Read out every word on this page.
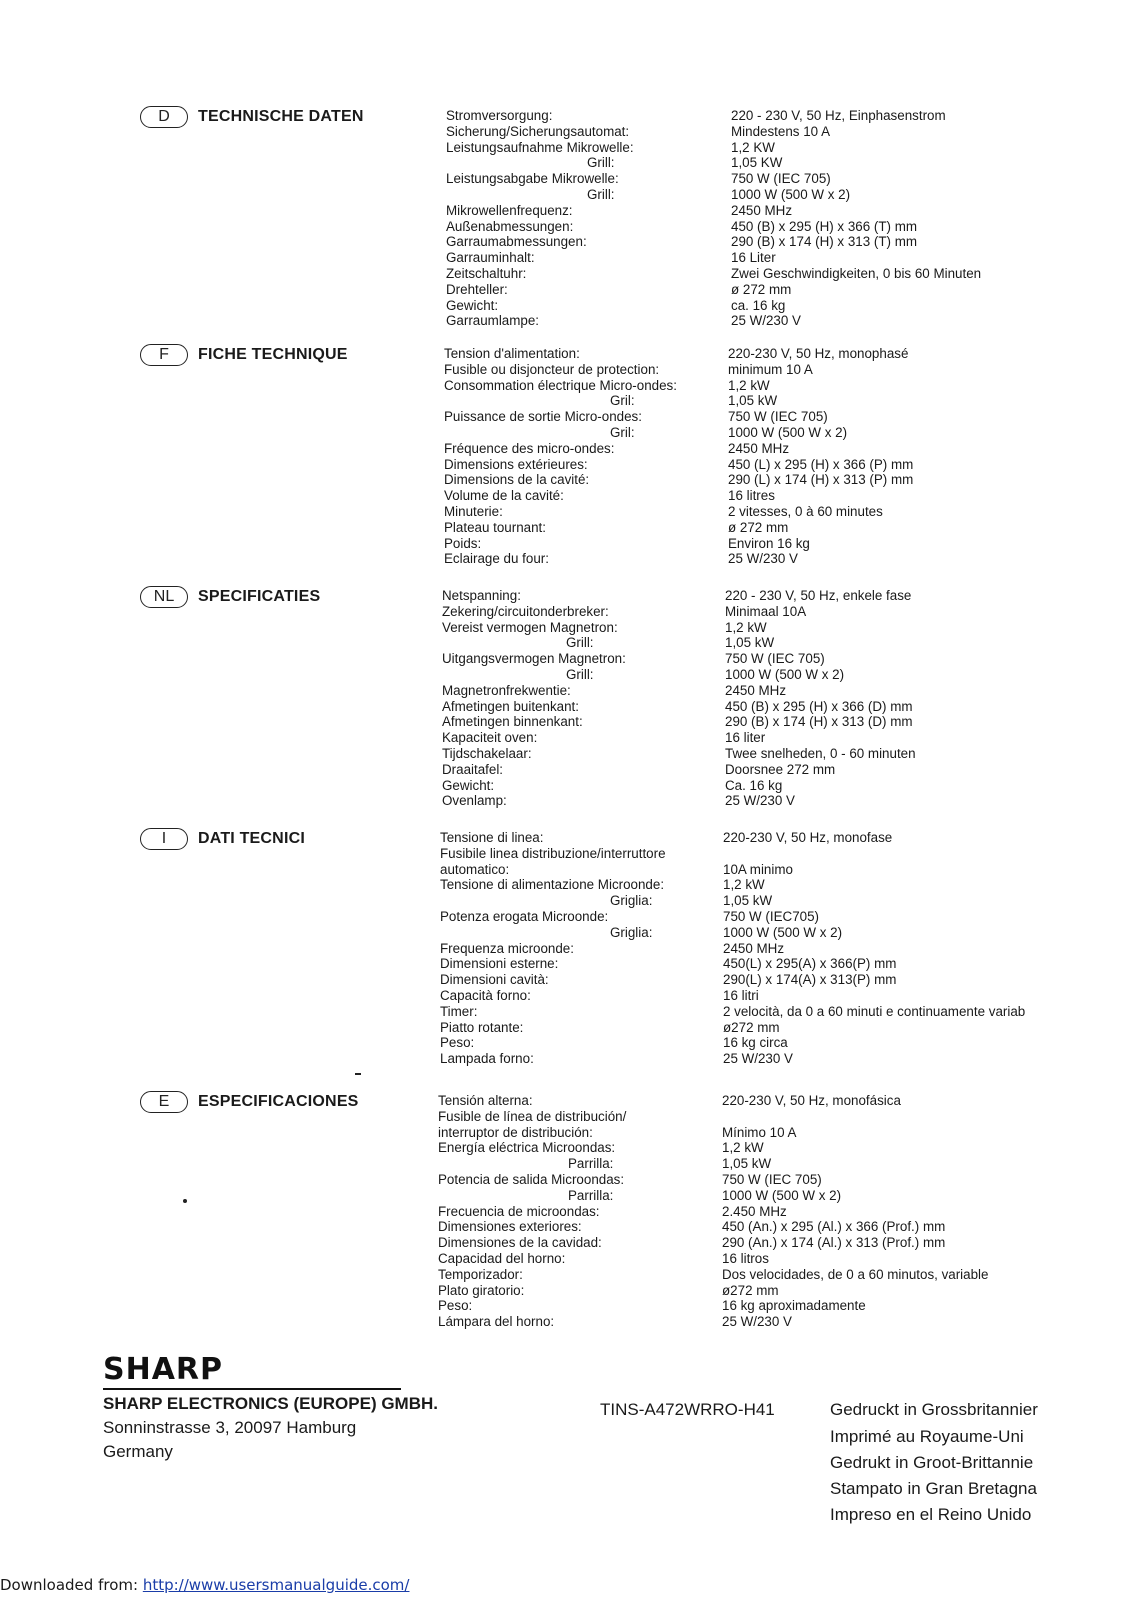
D	TECHNISCHE DATEN	Stromversorgung:	220 - 230 V, 50 Hz, Einphasenstrom
Sicherung/Sicherungsautomat:	Mindestens 10 A
Leistungsaufnahme Mikrowelle:	1,2 KW
Grill:	1,05 KW
Leistungsabgabe Mikrowelle:	750 W (IEC 705)
Grill:	1000 W (500 W x 2)
Mikrowellenfrequenz:	2450 MHz
Außenabmessungen:	450 (B) x 295 (H) x 366 (T) mm
Garraumabmessungen:	290 (B) x 174 (H) x 313 (T) mm
Garrauminhalt:	16 Liter
Zeitschaltuhr:	Zwei Geschwindigkeiten, 0 bis 60 Minuten
Drehteller:	ø 272 mm
Gewicht:	ca. 16 kg
Garraumlampe:	25 W/230 V
F	FICHE TECHNIQUE	Tension d'alimentation:	220-230 V, 50 Hz, monophasé
Fusible ou disjoncteur de protection:	minimum 10 A
Consommation électrique Micro-ondes:	1,2 kW
Gril:	1,05 kW
Puissance de sortie Micro-ondes:	750 W (IEC 705)
Gril:	1000 W (500 W x 2)
Fréquence des micro-ondes:	2450 MHz
Dimensions extérieures:	450 (L) x 295 (H) x 366 (P) mm
Dimensions de la cavité:	290 (L) x 174 (H) x 313 (P) mm
Volume de la cavité:	16 litres
Minuterie:	2 vitesses, 0 à 60 minutes
Plateau tournant:	ø 272 mm
Poids:	Environ 16 kg
Eclairage du four:	25 W/230 V
NL	SPECIFICATIES	Netspanning:	220 - 230 V, 50 Hz, enkele fase
Zekering/circuitonderbreker:	Minimaal 10A
Vereist vermogen Magnetron:	1,2 kW
Grill:	1,05 kW
Uitgangsvermogen Magnetron:	750 W (IEC 705)
Grill:	1000 W (500 W x 2)
Magnetronfrekwentie:	2450 MHz
Afmetingen buitenkant:	450 (B) x 295 (H) x 366 (D) mm
Afmetingen binnenkant:	290 (B) x 174 (H) x 313 (D) mm
Kapaciteit oven:	16 liter
Tijdschakelaar:	Twee snelheden, 0 - 60 minuten
Draaitafel:	Doorsnee 272 mm
Gewicht:	Ca. 16 kg
Ovenlamp:	25 W/230 V
I	DATI TECNICI	Tensione di linea:	220-230 V, 50 Hz, monofase
Fusibile linea distribuzione/interruttore
automatico:	10A minimo
Tensione di alimentazione Microonde:	1,2 kW
Griglia:	1,05 kW
Potenza erogata Microonde:	750 W (IEC705)
Griglia:	1000 W (500 W x 2)
Frequenza microonde:	2450 MHz
Dimensioni esterne:	450(L) x 295(A) x 366(P) mm
Dimensioni cavità:	290(L) x 174(A) x 313(P) mm
Capacità forno:	16 litri
Timer:	2 velocità, da 0 a 60 minuti e continuamente variab
Piatto rotante:	ø272 mm
Peso:	16 kg circa
Lampada forno:	25 W/230 V
E	ESPECIFICACIONES	Tensión alterna:	220-230 V, 50 Hz, monofásica
Fusible de línea de distribución/
interruptor de distribución:	Mínimo 10 A
Energía eléctrica Microondas:	1,2 kW
Parrilla:	1,05 kW
Potencia de salida Microondas:	750 W (IEC 705)
Parrilla:	1000 W (500 W x 2)
Frecuencia de microondas:	2.450 MHz
Dimensiones exteriores:	450 (An.) x 295 (Al.) x 366 (Prof.) mm
Dimensiones de la cavidad:	290 (An.) x 174 (Al.) x 313 (Prof.) mm
Capacidad del horno:	16 litros
Temporizador:	Dos velocidades, de 0 a 60 minutos, variable
Plato giratorio:	ø272 mm
Peso:	16 kg aproximadamente
Lámpara del horno:	25 W/230 V
SHARP
SHARP ELECTRONICS (EUROPE) GMBH.
Sonninstrasse 3, 20097 Hamburg
Germany
TINS-A472WRRO-H41	Gedruckt in Grossbritannier
Imprimé au Royaume-Uni
Gedrukt in Groot-Brittannie
Stampato in Gran Bretagna
Impreso en el Reino Unido
Downloaded from: http://www.usersmanualguide.com/
